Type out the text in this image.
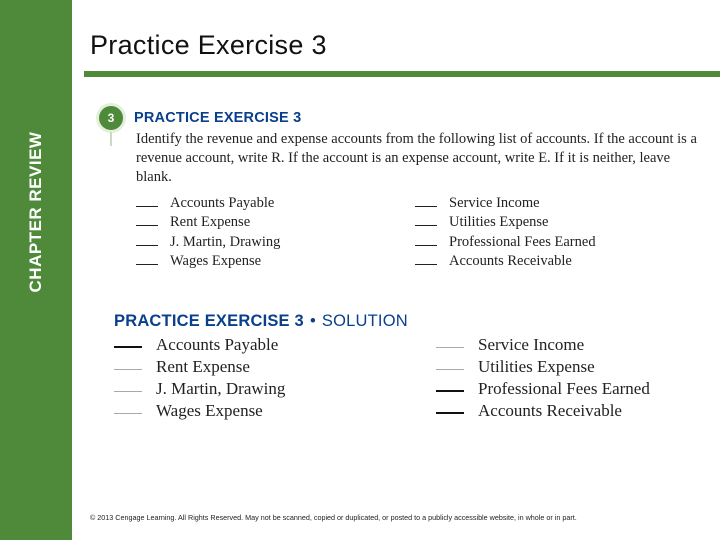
CHAPTER REVIEW
Practice Exercise 3
3	PRACTICE EXERCISE 3

Identify the revenue and expense accounts from the following list of accounts. If the account is a revenue account, write R. If the account is an expense account, write E. If it is neither, leave blank.

Accounts Payable
Rent Expense
J. Martin, Drawing
Wages Expense
Service Income
Utilities Expense
Professional Fees Earned
Accounts Receivable
PRACTICE EXERCISE 3 • SOLUTION
Accounts Payable
Rent Expense
J. Martin, Drawing
Wages Expense
Service Income
Utilities Expense
Professional Fees Earned
Accounts Receivable

© 2013 Cengage Learning. All Rights Reserved. May not be scanned, copied or duplicated, or posted to a publicly accessible website, in whole or in part.
